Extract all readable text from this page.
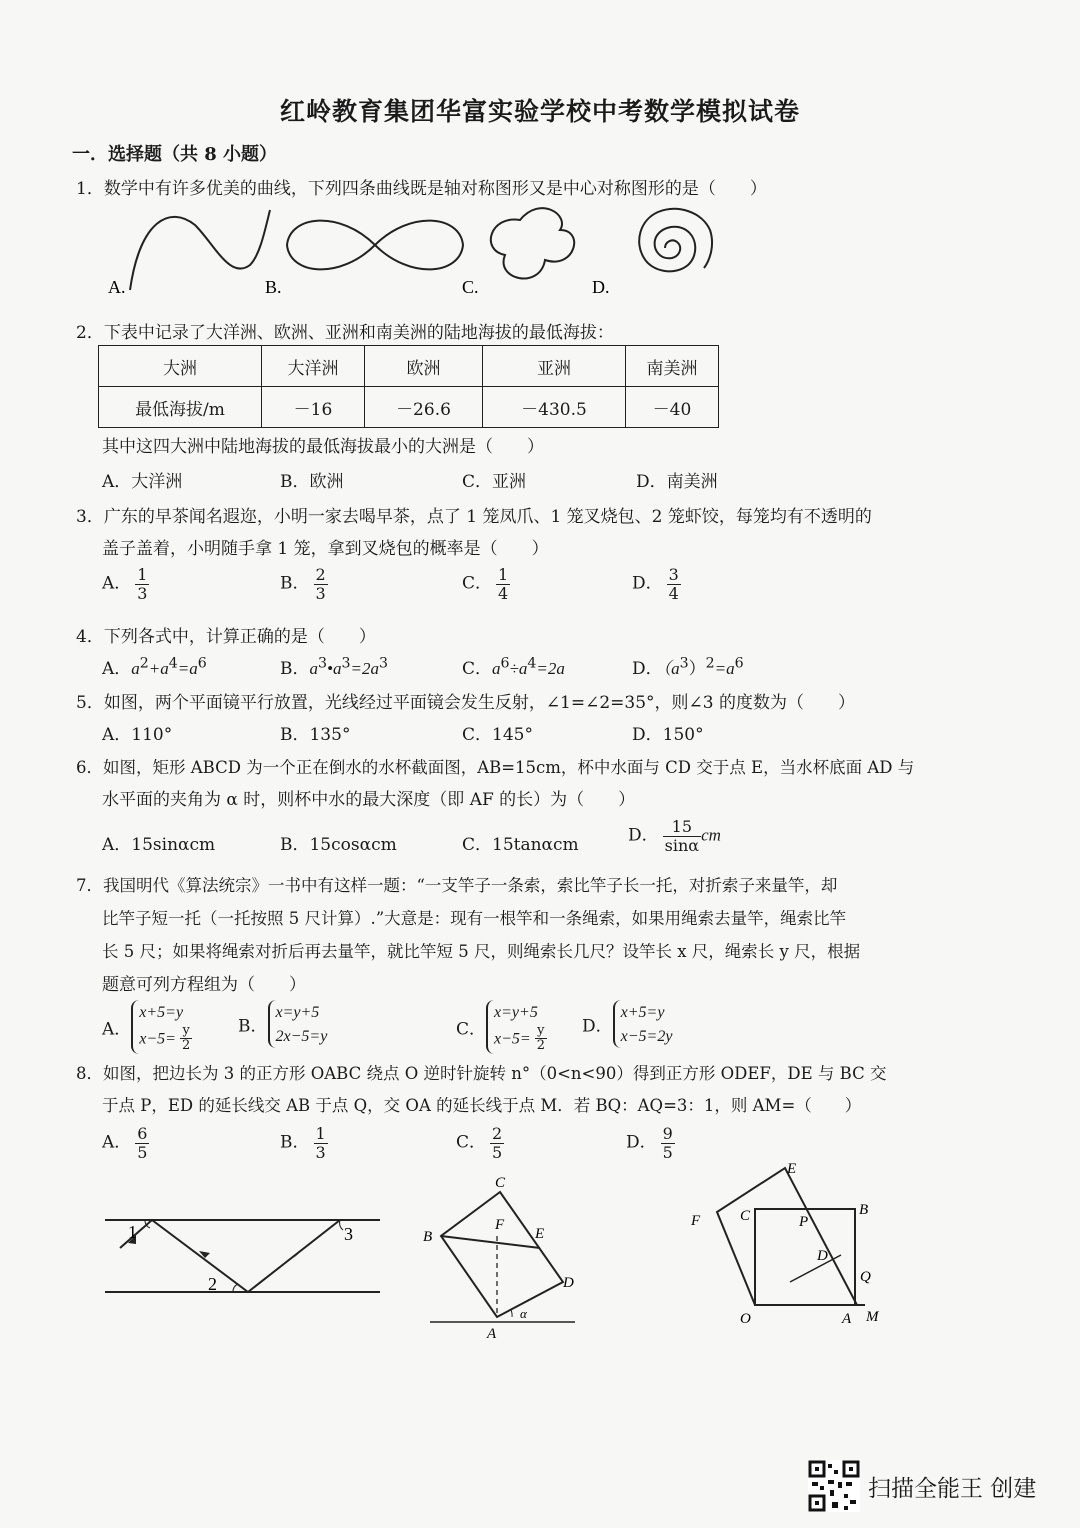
红岭教育集团华富实验学校中考数学模拟试卷
一．选择题（共 8 小题）
1．数学中有许多优美的曲线，下列四条曲线既是轴对称图形又是中心对称图形的是（　　）
A.	B.	C.	D.
2．下表中记录了大洋洲、欧洲、亚洲和南美洲的陆地海拔的最低海拔：
大洲	大洋洲	欧洲	亚洲	南美洲
最低海拔/m	－16	－26.6	－430.5	－40
其中这四大洲中陆地海拔的最低海拔最小的大洲是（　　）
A．大洋洲	B．欧洲	C．亚洲	D．南美洲
3．广东的早茶闻名遐迩，小明一家去喝早茶，点了 1 笼凤爪、1 笼叉烧包、2 笼虾饺，每笼均有不透明的
盖子盖着，小明随手拿 1 笼，拿到叉烧包的概率是（　　）
A． $\frac{1}{3}$	B． $\frac{2}{3}$	C． $\frac{1}{4}$	D． $\frac{3}{4}$
4．下列各式中，计算正确的是（　　）
A．$a^2+a^4=a^6$	B．$a^3•a^3=2a^3$	C．$a^6\div a^4=2a$	D．$(a^3)^2=a^6$
5．如图，两个平面镜平行放置，光线经过平面镜会发生反射，∠1=∠2=35°，则∠3 的度数为（　　）
A．110°	B．135°	C．145°	D．150°
6．如图，矩形 ABCD 为一个正在倒水的水杯截面图，AB=15cm，杯中水面与 CD 交于点 E，当水杯底面 AD 与
水平面的夹角为 α 时，则杯中水的最大深度（即 AF 的长）为（　　）
A．15sinαcm	B．15cosαcm	C．15tanαcm	D． $\frac{15}{\sin\alpha}$ cm
7．我国明代《算法统宗》一书中有这样一题：“一支竿子一条索，索比竿子长一托，对折索子来量竿，却
比竿子短一托（一托按照 5 尺计算）.”大意是：现有一根竿和一条绳索，如果用绳索去量竿，绳索比竿
长 5 尺；如果将绳索对折后再去量竿，就比竿短 5 尺，则绳索长几尺？设竿长 x 尺，绳索长 y 尺，根据
题意可列方程组为（　　）
A．x+5=y
$x-5= \frac{y}{2}$	B．x=y+5
2x−5=y	C．x=y+5
$x-5= \frac{y}{2}$ D．x+5=y
x−5=2y
8．如图，把边长为 3 的正方形 OABC 绕点 O 逆时针旋转 n°（0<n<90）得到正方形 ODEF，DE 与 BC 交
于点 P，ED 的延长线交 AB 于点 Q，交 OA 的延长线于点 M．若 BQ：AQ=3：1，则 AM=（　　）
A． $\frac{6}{5}$	B． $\frac{1}{3}$	C． $\frac{2}{5}$	D． $\frac{9}{5}$
1
2
3
C
B
F
E
D
A
α
E
F	C	B
P
D
Q
O	A M
扫描全能王 创建
